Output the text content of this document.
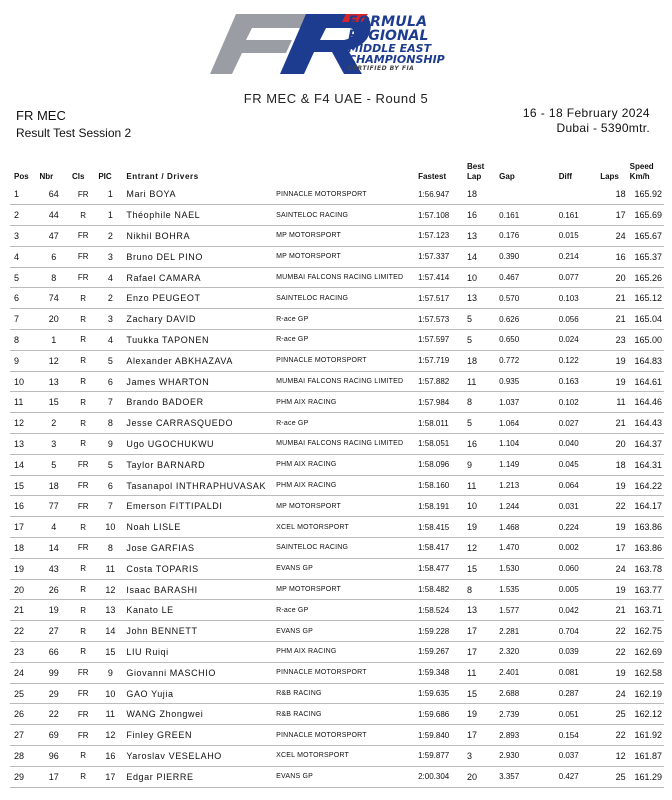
FORMULA
REGIONAL
MIDDLE EAST
CHAMPIONSHIP
CERTIFIED BY FIA
FR MEC & F4 UAE - Round 5
FR MEC
Result Test Session 2
16 - 18 February 2024
Dubai - 5390mtr.
Pos	Nbr	Cls	PIC	Entrant / Drivers		Fastest	Best
Lap	Gap	Diff	Laps	Speed
Km/h
1	64	FR	1	Mari BOYA	PINNACLE MOTORSPORT	1:56.947	18			18	165.92
2	44	R	1	Théophile NAEL	SAINTELOC RACING	1:57.108	16	0.161	0.161	17	165.69
3	47	FR	2	Nikhil BOHRA	MP MOTORSPORT	1:57.123	13	0.176	0.015	24	165.67
4	6	FR	3	Bruno DEL PINO	MP MOTORSPORT	1:57.337	14	0.390	0.214	16	165.37
5	8	FR	4	Rafael CAMARA	MUMBAI FALCONS RACING LIMITED	1:57.414	10	0.467	0.077	20	165.26
6	74	R	2	Enzo PEUGEOT	SAINTELOC RACING	1:57.517	13	0.570	0.103	21	165.12
7	20	R	3	Zachary DAVID	R-ace GP	1:57.573	5	0.626	0.056	21	165.04
8	1	R	4	Tuukka TAPONEN	R-ace GP	1:57.597	5	0.650	0.024	23	165.00
9	12	R	5	Alexander ABKHAZAVA	PINNACLE MOTORSPORT	1:57.719	18	0.772	0.122	19	164.83
10	13	R	6	James WHARTON	MUMBAI FALCONS RACING LIMITED	1:57.882	11	0.935	0.163	19	164.61
11	15	R	7	Brando BADOER	PHM AIX RACING	1:57.984	8	1.037	0.102	11	164.46
12	2	R	8	Jesse CARRASQUEDO	R-ace GP	1:58.011	5	1.064	0.027	21	164.43
13	3	R	9	Ugo UGOCHUKWU	MUMBAI FALCONS RACING LIMITED	1:58.051	16	1.104	0.040	20	164.37
14	5	FR	5	Taylor BARNARD	PHM AIX RACING	1:58.096	9	1.149	0.045	18	164.31
15	18	FR	6	Tasanapol INTHRAPHUVASAK	PHM AIX RACING	1:58.160	11	1.213	0.064	19	164.22
16	77	FR	7	Emerson FITTIPALDI	MP MOTORSPORT	1:58.191	10	1.244	0.031	22	164.17
17	4	R	10	Noah LISLE	XCEL MOTORSPORT	1:58.415	19	1.468	0.224	19	163.86
18	14	FR	8	Jose GARFIAS	SAINTELOC RACING	1:58.417	12	1.470	0.002	17	163.86
19	43	R	11	Costa TOPARIS	EVANS GP	1:58.477	15	1.530	0.060	24	163.78
20	26	R	12	Isaac BARASHI	MP MOTORSPORT	1:58.482	8	1.535	0.005	19	163.77
21	19	R	13	Kanato LE	R-ace GP	1:58.524	13	1.577	0.042	21	163.71
22	27	R	14	John BENNETT	EVANS GP	1:59.228	17	2.281	0.704	22	162.75
23	66	R	15	LIU Ruiqi	PHM AIX RACING	1:59.267	17	2.320	0.039	22	162.69
24	99	FR	9	Giovanni MASCHIO	PINNACLE MOTORSPORT	1:59.348	11	2.401	0.081	19	162.58
25	29	FR	10	GAO Yujia	R&B RACING	1:59.635	15	2.688	0.287	24	162.19
26	22	FR	11	WANG Zhongwei	R&B RACING	1:59.686	19	2.739	0.051	25	162.12
27	69	FR	12	Finley GREEN	PINNACLE MOTORSPORT	1:59.840	17	2.893	0.154	22	161.92
28	96	R	16	Yaroslav VESELAHO	XCEL MOTORSPORT	1:59.877	3	2.930	0.037	12	161.87
29	17	R	17	Edgar PIERRE	EVANS GP	2:00.304	20	3.357	0.427	25	161.29
